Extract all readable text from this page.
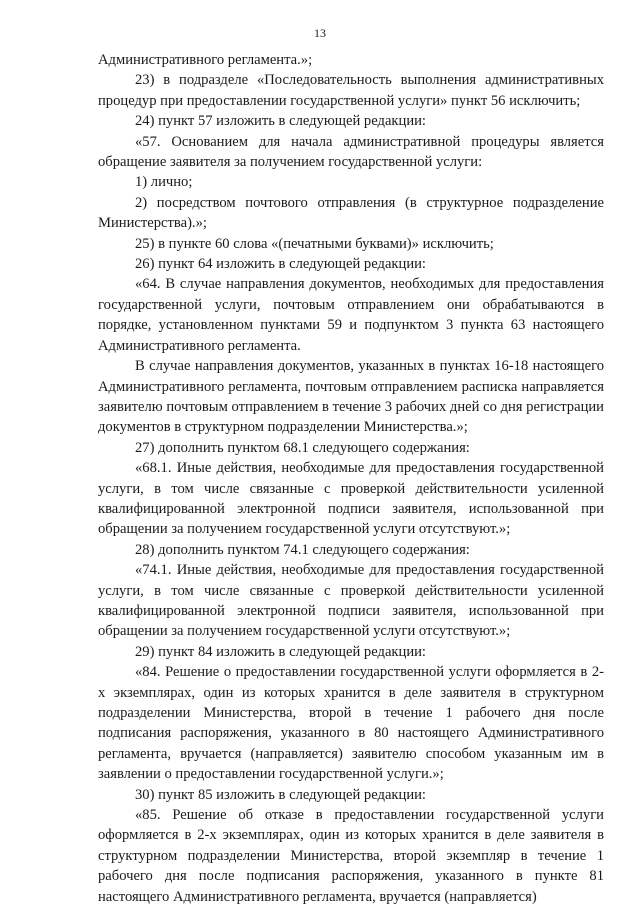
13

Административного регламента.»;

23) в подразделе «Последовательность выполнения административных процедур при предоставлении государственной услуги» пункт 56 исключить;

24) пункт 57 изложить в следующей редакции:

«57. Основанием для начала административной процедуры является обращение заявителя за получением государственной услуги:

1) лично;

2) посредством почтового отправления (в структурное подразделение Министерства).»;

25) в пункте 60 слова «(печатными буквами)» исключить;

26) пункт 64 изложить в следующей редакции:

«64. В случае направления документов, необходимых для предоставления государственной услуги, почтовым отправлением они обрабатываются в порядке, установленном пунктами 59 и подпунктом 3 пункта 63 настоящего Административного регламента.

В случае направления документов, указанных в пунктах 16-18 настоящего Административного регламента, почтовым отправлением расписка направляется заявителю почтовым отправлением в течение 3 рабочих дней со дня регистрации документов в структурном подразделении Министерства.»;

27) дополнить пунктом 68.1 следующего содержания:

«68.1. Иные действия, необходимые для предоставления государственной услуги, в том числе связанные с проверкой действительности усиленной квалифицированной электронной подписи заявителя, использованной при обращении за получением государственной услуги отсутствуют.»;

28) дополнить пунктом 74.1 следующего содержания:

«74.1. Иные действия, необходимые для предоставления государственной услуги, в том числе связанные с проверкой действительности усиленной квалифицированной электронной подписи заявителя, использованной при обращении за получением государственной услуги отсутствуют.»;

29) пункт 84 изложить в следующей редакции:

«84. Решение о предоставлении государственной услуги оформляется в 2-х экземплярах, один из которых хранится в деле заявителя в структурном подразделении Министерства, второй в течение 1 рабочего дня после подписания распоряжения, указанного в 80 настоящего Административного регламента, вручается (направляется) заявителю способом указанным им в заявлении о предоставлении государственной услуги.»;

30) пункт 85 изложить в следующей редакции:

«85. Решение об отказе в предоставлении государственной услуги оформляется в 2-х экземплярах, один из которых хранится в деле заявителя в структурном подразделении Министерства, второй экземпляр в течение 1 рабочего дня после подписания распоряжения, указанного в пункте 81 настоящего Административного регламента, вручается (направляется)
